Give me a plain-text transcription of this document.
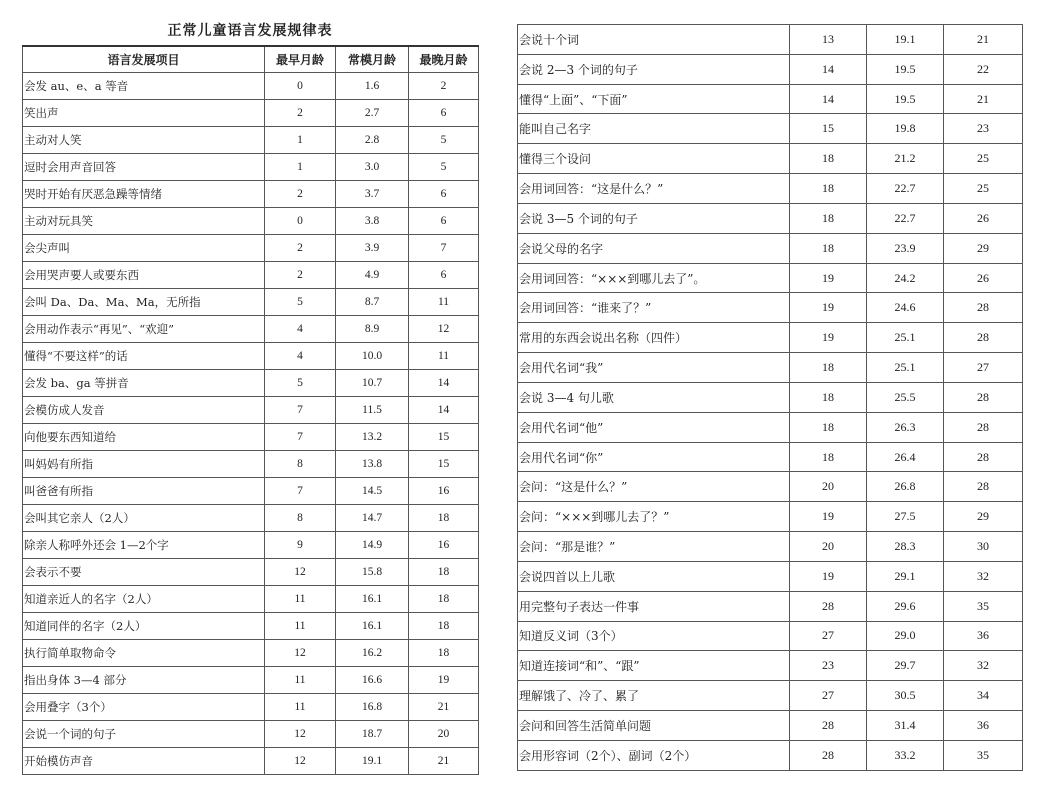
正常儿童语言发展规律表
语言发展项目	最早月龄	常模月龄	最晚月龄
会发 au、e、a 等音	0	1.6	2
笑出声	2	2.7	6
主动对人笑	1	2.8	5
逗时会用声音回答	1	3.0	5
哭时开始有厌恶急躁等情绪	2	3.7	6
主动对玩具笑	0	3.8	6
会尖声叫	2	3.9	7
会用哭声要人或要东西	2	4.9	6
会叫 Da、Da、Ma、Ma，无所指	5	8.7	11
会用动作表示“再见”、“欢迎”	4	8.9	12
懂得“不要这样”的话	4	10.0	11
会发 ba、ga 等拼音	5	10.7	14
会模仿成人发音	7	11.5	14
向他要东西知道给	7	13.2	15
叫妈妈有所指	8	13.8	15
叫爸爸有所指	7	14.5	16
会叫其它亲人（2人）	8	14.7	18
除亲人称呼外还会 1—2个字	9	14.9	16
会表示不要	12	15.8	18
知道亲近人的名字（2人）	11	16.1	18
知道同伴的名字（2人）	11	16.1	18
执行简单取物命令	12	16.2	18
指出身体 3—4 部分	11	16.6	19
会用叠字（3个）	11	16.8	21
会说一个词的句子	12	18.7	20
开始模仿声音	12	19.1	21
会说十个词	13	19.1	21
会说 2—3 个词的句子	14	19.5	22
懂得“上面”、“下面”	14	19.5	21
能叫自己名字	15	19.8	23
懂得三个设问	18	21.2	25
会用词回答：“这是什么？”	18	22.7	25
会说 3—5 个词的句子	18	22.7	26
会说父母的名字	18	23.9	29
会用词回答：“×××到哪儿去了”。	19	24.2	26
会用词回答：“谁来了？”	19	24.6	28
常用的东西会说出名称（四件）	19	25.1	28
会用代名词“我”	18	25.1	27
会说 3—4 句儿歌	18	25.5	28
会用代名词“他”	18	26.3	28
会用代名词“你”	18	26.4	28
会问：“这是什么？”	20	26.8	28
会问：“×××到哪儿去了？”	19	27.5	29
会问：“那是谁？”	20	28.3	30
会说四首以上儿歌	19	29.1	32
用完整句子表达一件事	28	29.6	35
知道反义词（3个）	27	29.0	36
知道连接词“和”、“跟”	23	29.7	32
理解饿了、冷了、累了	27	30.5	34
会问和回答生活简单问题	28	31.4	36
会用形容词（2个）、副词（2个）	28	33.2	35
